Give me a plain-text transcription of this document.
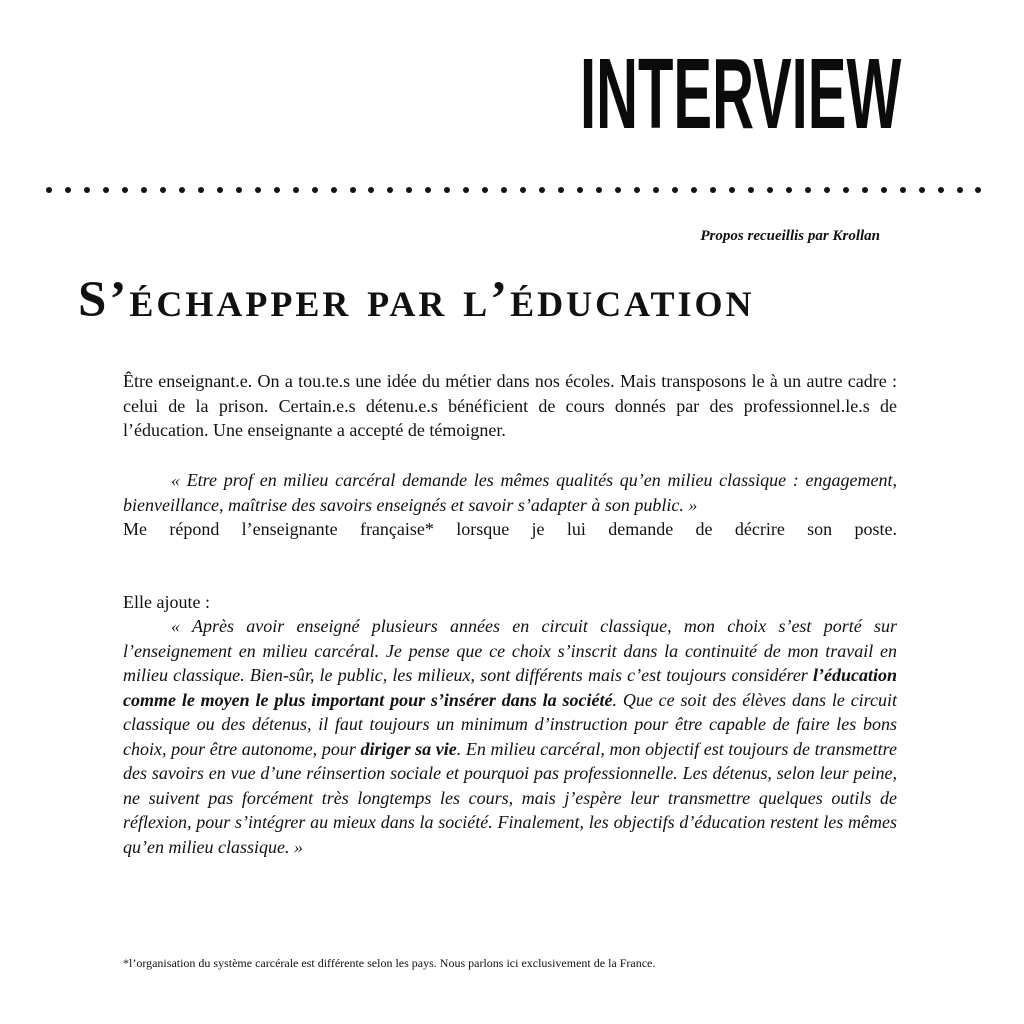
INTERVIEW

Propos recueillis par Krollan

S’échapper par l’éducation

Être enseignant.e. On a tou.te.s une idée du métier dans nos écoles. Mais transposons le à un autre cadre : celui de la prison. Certain.e.s détenu.e.s bénéficient de cours donnés par des professionnel.le.s de l’éducation. Une enseignante a accepté de témoigner.

« Etre prof en milieu carcéral demande les mêmes qualités qu’en milieu classique : engagement, bienveillance, maîtrise des savoirs enseignés et savoir s’adapter à son public. »

Me répond l’enseignante française* lorsque je lui demande de décrire son poste.

Elle ajoute :

« Après avoir enseigné plusieurs années en circuit classique, mon choix s’est porté sur l’enseignement en milieu carcéral. Je pense que ce choix s’inscrit dans la continuité de mon travail en milieu classique. Bien-sûr, le public, les milieux, sont différents mais c’est toujours considérer l’éducation comme le moyen le plus important pour s’insérer dans la société. Que ce soit des élèves dans le circuit classique ou des détenus, il faut toujours un minimum d’instruction pour être capable de faire les bons choix, pour être autonome, pour diriger sa vie. En milieu carcéral, mon objectif est toujours de transmettre des savoirs en vue d’une réinsertion sociale et pourquoi pas professionnelle. Les détenus, selon leur peine, ne suivent pas forcément très longtemps les cours, mais j’espère leur transmettre quelques outils de réflexion, pour s’intégrer au mieux dans la société. Finalement, les objectifs d’éducation restent les mêmes qu’en milieu classique. »

*l’organisation du système carcérale est différente selon les pays. Nous parlons ici exclusivement de la France.
